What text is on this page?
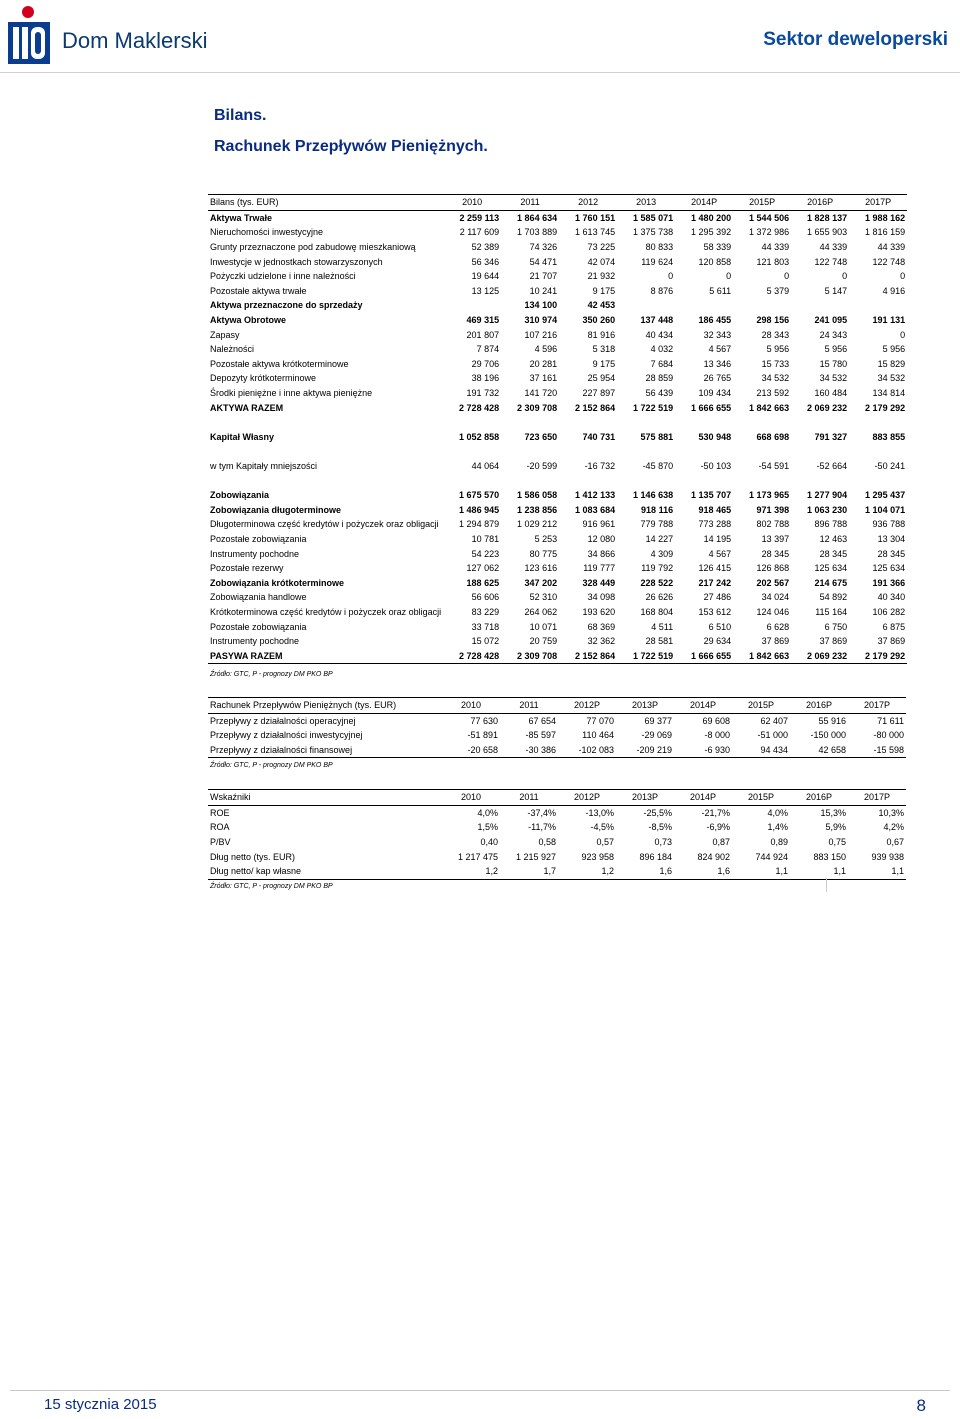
Dom Maklerski	Sektor deweloperski
Bilans.
Rachunek Przepływów Pieniężnych.
Bilans (tys. EUR)	2010	2011	2012	2013	2014P	2015P	2016P	2017P
Aktywa Trwałe	2 259 113	1 864 634	1 760 151	1 585 071	1 480 200	1 544 506	1 828 137	1 988 162
Nieruchomości inwestycyjne	2 117 609	1 703 889	1 613 745	1 375 738	1 295 392	1 372 986	1 655 903	1 816 159
Grunty przeznaczone pod zabudowę mieszkaniową	52 389	74 326	73 225	80 833	58 339	44 339	44 339	44 339
Inwestycje w jednostkach stowarzyszonych	56 346	54 471	42 074	119 624	120 858	121 803	122 748	122 748
Pożyczki udzielone i inne należności	19 644	21 707	21 932	0	0	0	0	0
Pozostałe aktywa trwałe	13 125	10 241	9 175	8 876	5 611	5 379	5 147	4 916
Aktywa przeznaczone do sprzedaży		134 100	42 453					
Aktywa Obrotowe	469 315	310 974	350 260	137 448	186 455	298 156	241 095	191 131
Zapasy	201 807	107 216	81 916	40 434	32 343	28 343	24 343	0
Należności	7 874	4 596	5 318	4 032	4 567	5 956	5 956	5 956
Pozostałe aktywa krótkoterminowe	29 706	20 281	9 175	7 684	13 346	15 733	15 780	15 829
Depozyty krótkoterminowe	38 196	37 161	25 954	28 859	26 765	34 532	34 532	34 532
Środki pieniężne i inne aktywa pieniężne	191 732	141 720	227 897	56 439	109 434	213 592	160 484	134 814
AKTYWA RAZEM	2 728 428	2 309 708	2 152 864	1 722 519	1 666 655	1 842 663	2 069 232	2 179 292

Kapitał Własny	1 052 858	723 650	740 731	575 881	530 948	668 698	791 327	883 855

w tym Kapitały mniejszości	44 064	-20 599	-16 732	-45 870	-50 103	-54 591	-52 664	-50 241

Zobowiązania	1 675 570	1 586 058	1 412 133	1 146 638	1 135 707	1 173 965	1 277 904	1 295 437
Zobowiązania długoterminowe	1 486 945	1 238 856	1 083 684	918 116	918 465	971 398	1 063 230	1 104 071
Długoterminowa część kredytów i pożyczek oraz obligacji	1 294 879	1 029 212	916 961	779 788	773 288	802 788	896 788	936 788
Pozostałe zobowiązania	10 781	5 253	12 080	14 227	14 195	13 397	12 463	13 304
Instrumenty pochodne	54 223	80 775	34 866	4 309	4 567	28 345	28 345	28 345
Pozostałe rezerwy	127 062	123 616	119 777	119 792	126 415	126 868	125 634	125 634
Zobowiązania krótkoterminowe	188 625	347 202	328 449	228 522	217 242	202 567	214 675	191 366
Zobowiązania handlowe	56 606	52 310	34 098	26 626	27 486	34 024	54 892	40 340
Krótkoterminowa część kredytów i pożyczek oraz obligacji	83 229	264 062	193 620	168 804	153 612	124 046	115 164	106 282
Pozostałe zobowiązania	33 718	10 071	68 369	4 511	6 510	6 628	6 750	6 875
Instrumenty pochodne	15 072	20 759	32 362	28 581	29 634	37 869	37 869	37 869
PASYWA RAZEM	2 728 428	2 309 708	2 152 864	1 722 519	1 666 655	1 842 663	2 069 232	2 179 292
Źródło: GTC, P - prognozy DM PKO BP
Rachunek Przepływów Pieniężnych (tys. EUR)	2010	2011	2012P	2013P	2014P	2015P	2016P	2017P
Przepływy z działalności operacyjnej	77 630	67 654	77 070	69 377	69 608	62 407	55 916	71 611
Przepływy z działalności inwestycyjnej	-51 891	-85 597	110 464	-29 069	-8 000	-51 000	-150 000	-80 000
Przepływy z działalności finansowej	-20 658	-30 386	-102 083	-209 219	-6 930	94 434	42 658	-15 598
Źródło: GTC, P - prognozy DM PKO BP
Wskaźniki	2010	2011	2012P	2013P	2014P	2015P	2016P	2017P
ROE	4,0%	-37,4%	-13,0%	-25,5%	-21,7%	4,0%	15,3%	10,3%
ROA	1,5%	-11,7%	-4,5%	-8,5%	-6,9%	1,4%	5,9%	4,2%
P/BV	0,40	0,58	0,57	0,73	0,87	0,89	0,75	0,67
Dług netto (tys. EUR)	1 217 475	1 215 927	923 958	896 184	824 902	744 924	883 150	939 938
Dług netto/ kap własne	1,2	1,7	1,2	1,6	1,6	1,1	1,1	1,1
Źródło: GTC, P - prognozy DM PKO BP
15 stycznia 2015	8
